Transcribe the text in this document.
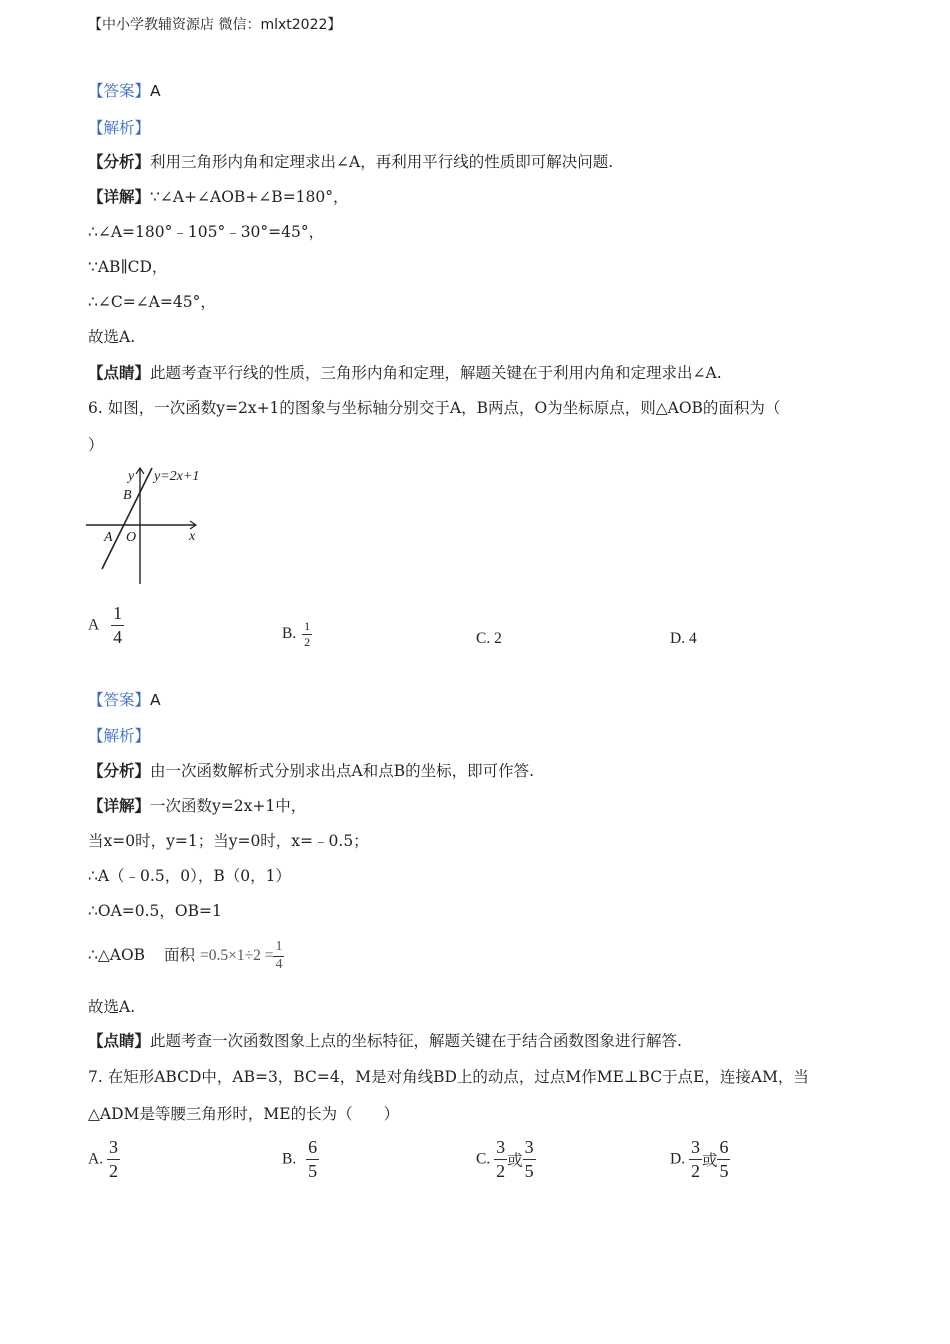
【中小学教辅资源店 微信：mlxt2022】
【答案】A
【解析】
【分析】利用三角形内角和定理求出∠A，再利用平行线的性质即可解决问题.
【详解】∵∠A+∠AOB+∠B=180°，
∴∠A=180°﹣105°﹣30°=45°，
∵AB∥CD，
∴∠C=∠A=45°，
故选A.
【点睛】此题考查平行线的性质，三角形内角和定理，解题关键在于利用内角和定理求出∠A.
6. 如图，一次函数y=2x+1的图象与坐标轴分别交于A，B两点，O为坐标原点，则△AOB的面积为（
）
y y=2x+1
B
A O	x
A $\frac{1}{4}$	B. $\frac{1}{2}$	C. 2	D. 4
【答案】A
【解析】
【分析】由一次函数解析式分别求出点A和点B的坐标，即可作答.
【详解】一次函数y=2x+1中，
当x=0时，y=1；当y=0时，x=﹣0.5；
∴A（﹣0.5，0），B（0，1）
∴OA=0.5，OB=1
∴△AOB 面积 $=0.5\times 1\div 2 = \frac{1}{4}$
故选A.
【点睛】此题考查一次函数图象上点的坐标特征，解题关键在于结合函数图象进行解答.
7. 在矩形ABCD中，AB=3，BC=4，M是对角线BD上的动点，过点M作ME⊥BC于点E，连接AM，当
△ADM是等腰三角形时，ME的长为（　　）
A. $\frac{3}{2}$	B. $\frac{6}{5}$	C. $\frac{3}{2}$ 或 $\frac{3}{5}$	D. $\frac{3}{2}$ 或 $\frac{6}{5}$
